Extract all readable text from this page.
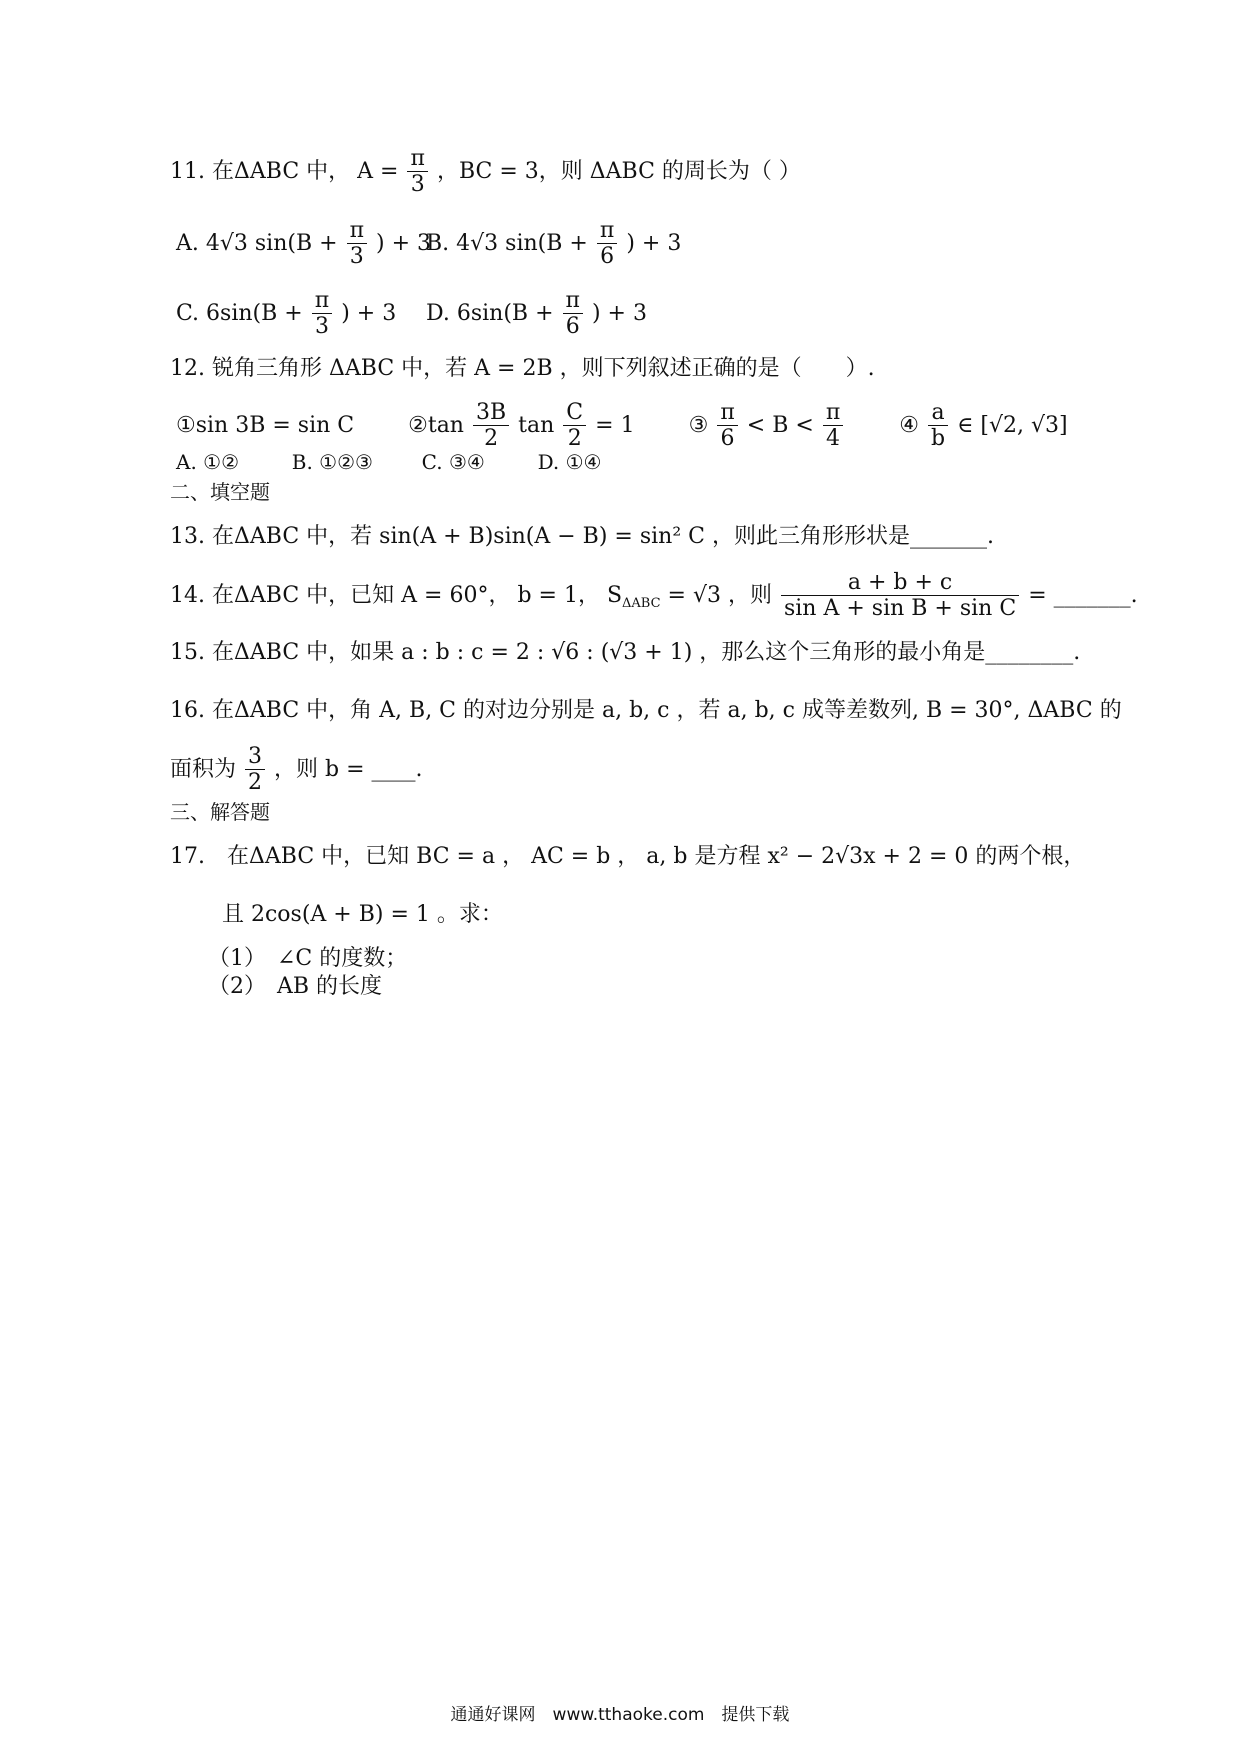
11. 在ΔABC 中， $A = \frac{\pi}{3}$ ，BC = 3，则 ΔABC 的周长为（ ）
A. 4√3 $\sin(B + \frac{\pi}{3}$ ) + 3
B. 4√3 $\sin(B + \frac{\pi}{6}$ ) + 3
C. $6\sin(B + \frac{\pi}{3}$ ) + 3 D. $6\sin(B + \frac{\pi}{6}$ ) + 3
12. 锐角三角形 ΔABC 中，若 A = 2B ，则下列叙述正确的是（　　）.
①sin 3B = sin C ②tan $\frac{3B}{2}$ $\tan \frac{C}{2} = 1$ ③ $\frac{\pi}{6} < B < \frac{\pi}{4}$	④ $\frac{a}{b}$ ∈ [√2, √3]
A. ①②	B. ①②③ C. ③④	D. ①④
二、填空题
13. 在ΔABC 中，若 sin(A + B)sin(A − B) = sin² C ，则此三角形形状是_______.
14. 在ΔABC 中，已知 A = 60°， b = 1， $S_{\Delta ABC} = √3$ ，则 $\frac{a + b + c}{\text{sin A + sin B + sin C}}$ = _______.
15. 在ΔABC 中，如果 a : b : c = 2 : √6 : (√3 + 1) ，那么这个三角形的最小角是________.
16. 在ΔABC 中，角 A, B, C 的对边分别是 a, b, c ，若 a, b, c 成等差数列, B = 30°, ΔABC 的
面积为 $\frac{3}{2}$ ，则 b = ____.
三、解答题
17.　在ΔABC 中，已知 BC = a ， AC = b ， a, b 是方程 x² − 2√3x + 2 = 0 的两个根，
且 2cos(A + B) = 1 。求：
（1）　∠C 的度数；
（2）　AB 的长度
通通好课网　www.tthaoke.com　提供下载
